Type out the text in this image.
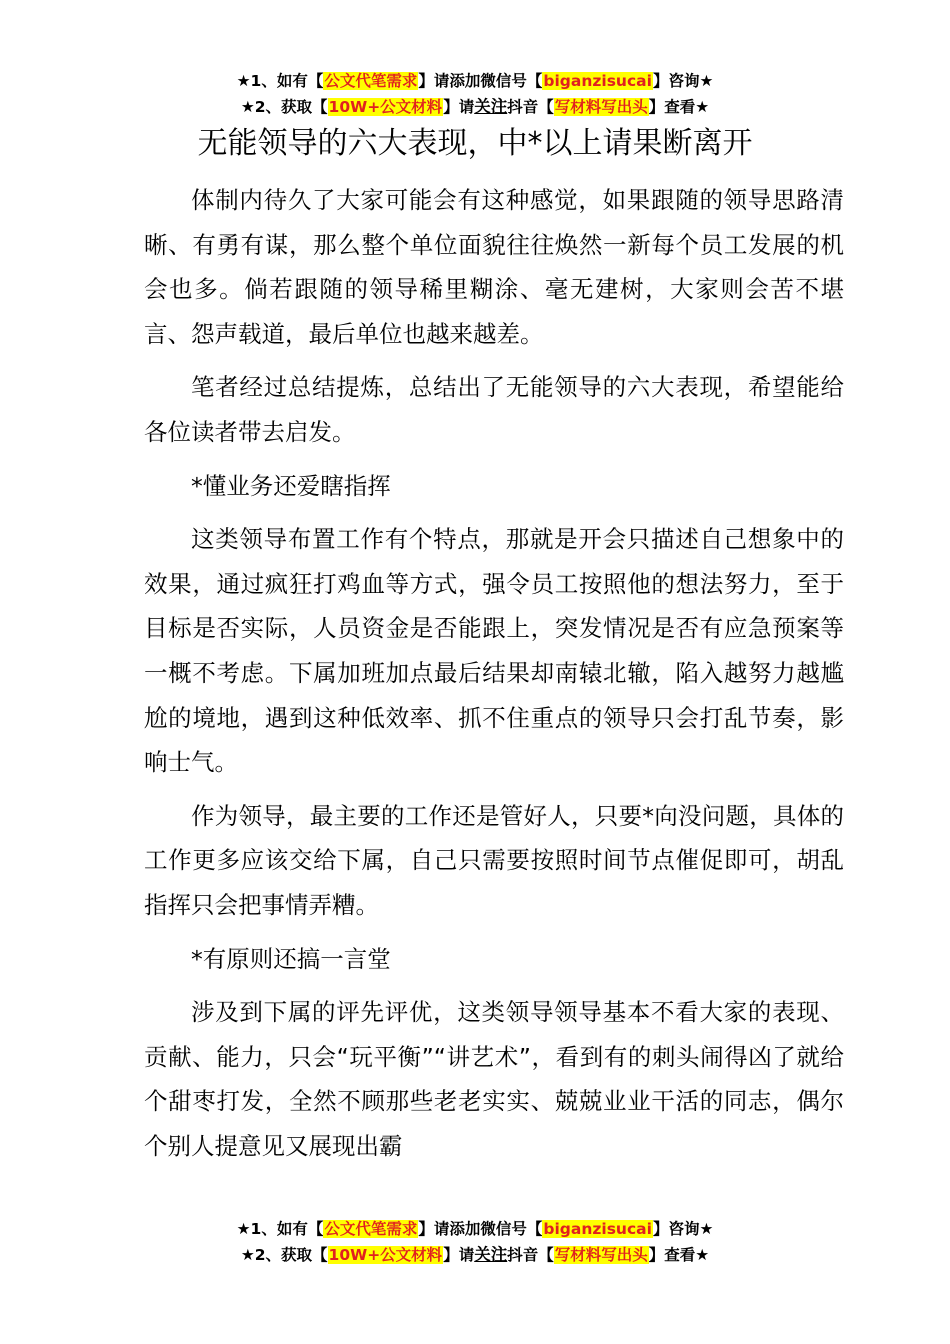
★1、如有【公文代笔需求】请添加微信号【biganzisucai】咨询★
★2、获取【10W+公文材料】请关注抖音【写材料写出头】查看★
无能领导的六大表现，中*以上请果断离开

体制内待久了大家可能会有这种感觉，如果跟随的领导思路清晰、有勇有谋，那么整个单位面貌往往焕然一新每个员工发展的机会也多。倘若跟随的领导稀里糊涂、毫无建树，大家则会苦不堪言、怨声载道，最后单位也越来越差。

笔者经过总结提炼，总结出了无能领导的六大表现，希望能给各位读者带去启发。

*懂业务还爱瞎指挥

这类领导布置工作有个特点，那就是开会只描述自己想象中的效果，通过疯狂打鸡血等方式，强令员工按照他的想法努力，至于目标是否实际，人员资金是否能跟上，突发情况是否有应急预案等一概不考虑。下属加班加点最后结果却南辕北辙，陷入越努力越尴尬的境地，遇到这种低效率、抓不住重点的领导只会打乱节奏，影响士气。

作为领导，最主要的工作还是管好人，只要*向没问题，具体的工作更多应该交给下属，自己只需要按照时间节点催促即可，胡乱指挥只会把事情弄糟。

*有原则还搞一言堂

涉及到下属的评先评优，这类领导领导基本不看大家的表现、贡献、能力，只会“玩平衡”“讲艺术”，看到有的刺头闹得凶了就给个甜枣打发，全然不顾那些老老实实、兢兢业业干活的同志，偶尔个别人提意见又展现出霸

★1、如有【公文代笔需求】请添加微信号【biganzisucai】咨询★
★2、获取【10W+公文材料】请关注抖音【写材料写出头】查看★
